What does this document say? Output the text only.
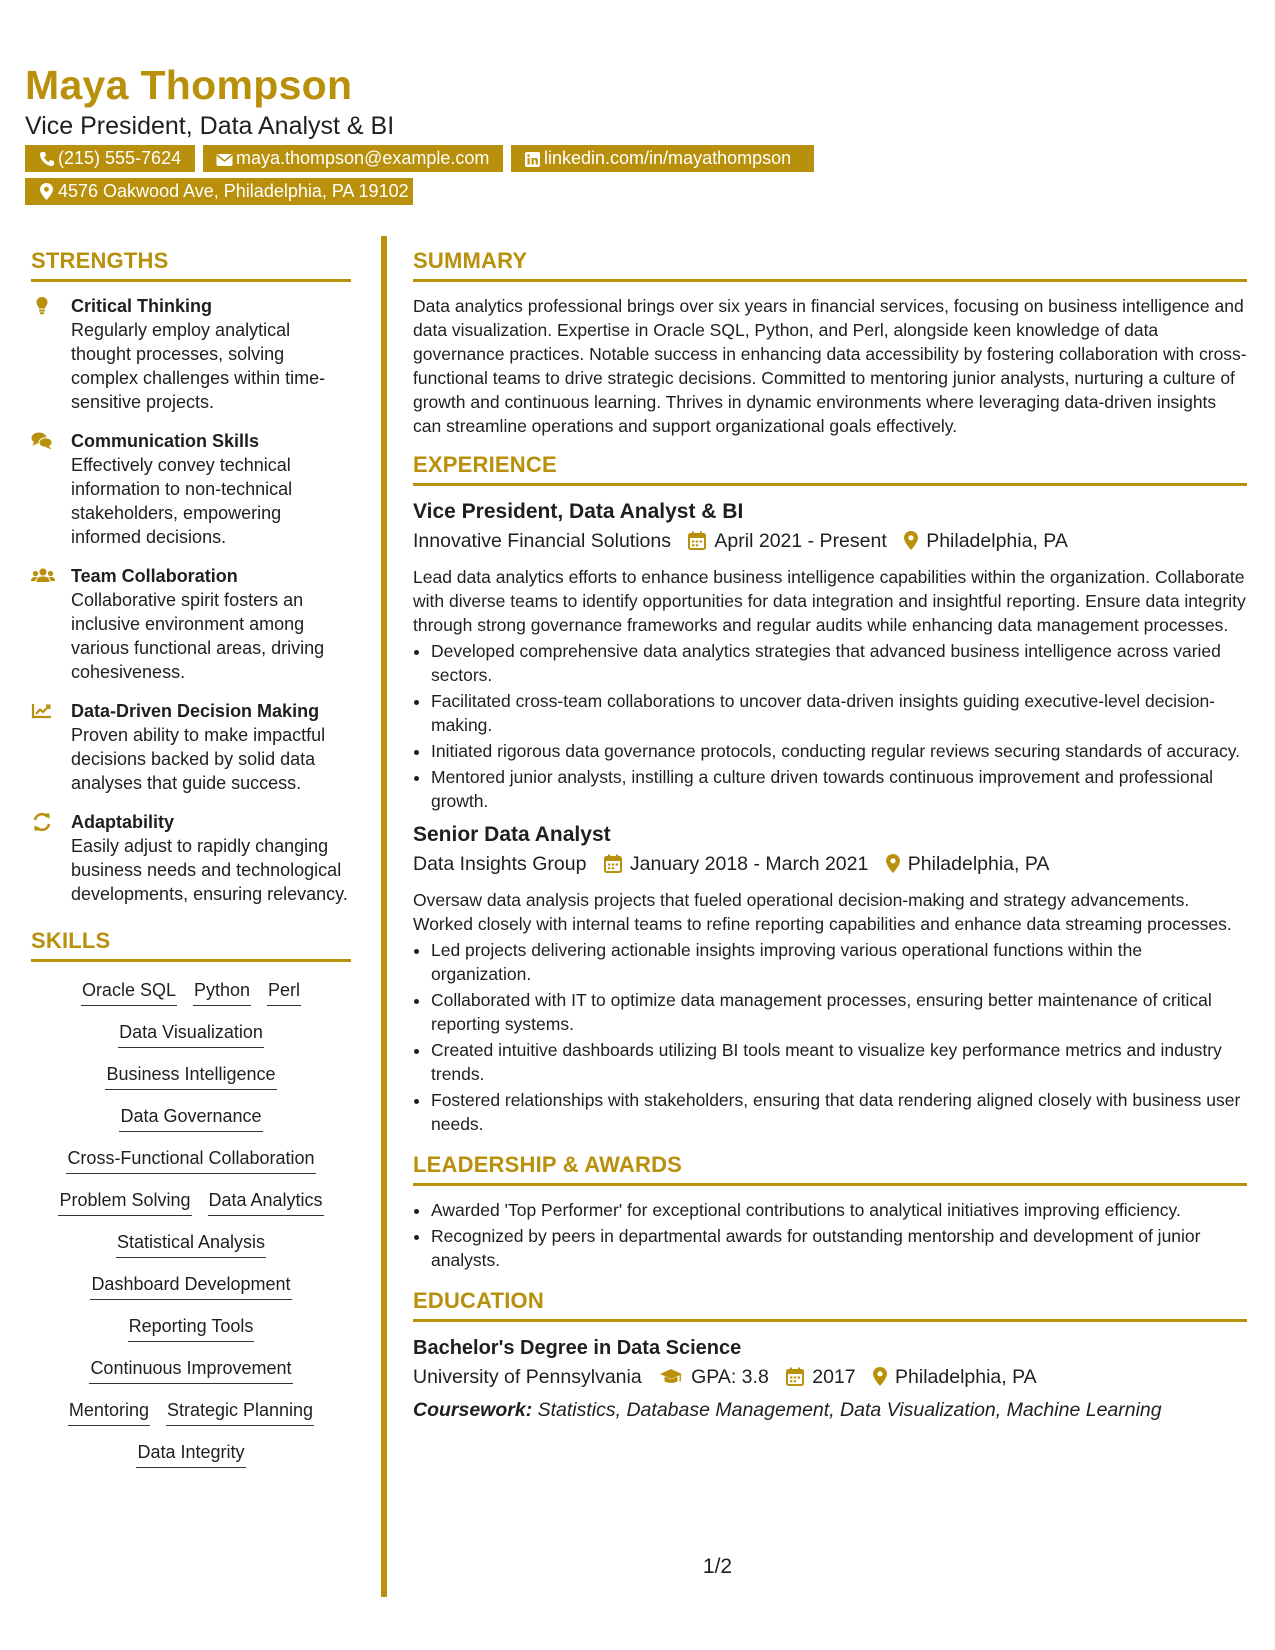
Maya Thompson
Vice President, Data Analyst & BI
(215) 555-7624	maya.thompson@example.com	linkedin.com/in/mayathompson
4576 Oakwood Ave, Philadelphia, PA 19102
STRENGTHS
Critical Thinking
Regularly employ analytical thought processes, solving complex challenges within time-sensitive projects.
Communication Skills
Effectively convey technical information to non-technical stakeholders, empowering informed decisions.
Team Collaboration
Collaborative spirit fosters an inclusive environment among various functional areas, driving cohesiveness.
Data-Driven Decision Making
Proven ability to make impactful decisions backed by solid data analyses that guide success.
Adaptability
Easily adjust to rapidly changing business needs and technological developments, ensuring relevancy.
SKILLS
Oracle SQL Python Perl
Data Visualization
Business Intelligence
Data Governance
Cross-Functional Collaboration
Problem Solving Data Analytics
Statistical Analysis
Dashboard Development
Reporting Tools
Continuous Improvement
Mentoring Strategic Planning
Data Integrity
SUMMARY
Data analytics professional brings over six years in financial services, focusing on business intelligence and data visualization. Expertise in Oracle SQL, Python, and Perl, alongside keen knowledge of data governance practices. Notable success in enhancing data accessibility by fostering collaboration with cross-functional teams to drive strategic decisions. Committed to mentoring junior analysts, nurturing a culture of growth and continuous learning. Thrives in dynamic environments where leveraging data-driven insights can streamline operations and support organizational goals effectively.
EXPERIENCE
Vice President, Data Analyst & BI
Innovative Financial Solutions April 2021 - Present Philadelphia, PA
Lead data analytics efforts to enhance business intelligence capabilities within the organization. Collaborate with diverse teams to identify opportunities for data integration and insightful reporting. Ensure data integrity through strong governance frameworks and regular audits while enhancing data management processes.
• Developed comprehensive data analytics strategies that advanced business intelligence across varied sectors.
• Facilitated cross-team collaborations to uncover data-driven insights guiding executive-level decision-making.
• Initiated rigorous data governance protocols, conducting regular reviews securing standards of accuracy.
• Mentored junior analysts, instilling a culture driven towards continuous improvement and professional growth.
Senior Data Analyst
Data Insights Group January 2018 - March 2021 Philadelphia, PA
Oversaw data analysis projects that fueled operational decision-making and strategy advancements. Worked closely with internal teams to refine reporting capabilities and enhance data streaming processes.
• Led projects delivering actionable insights improving various operational functions within the organization.
• Collaborated with IT to optimize data management processes, ensuring better maintenance of critical reporting systems.
• Created intuitive dashboards utilizing BI tools meant to visualize key performance metrics and industry trends.
• Fostered relationships with stakeholders, ensuring that data rendering aligned closely with business user needs.
LEADERSHIP & AWARDS
• Awarded 'Top Performer' for exceptional contributions to analytical initiatives improving efficiency.
• Recognized by peers in departmental awards for outstanding mentorship and development of junior analysts.
EDUCATION
Bachelor's Degree in Data Science
University of Pennsylvania	GPA: 3.8 2017 Philadelphia, PA
Coursework: Statistics, Database Management, Data Visualization, Machine Learning
1/2
